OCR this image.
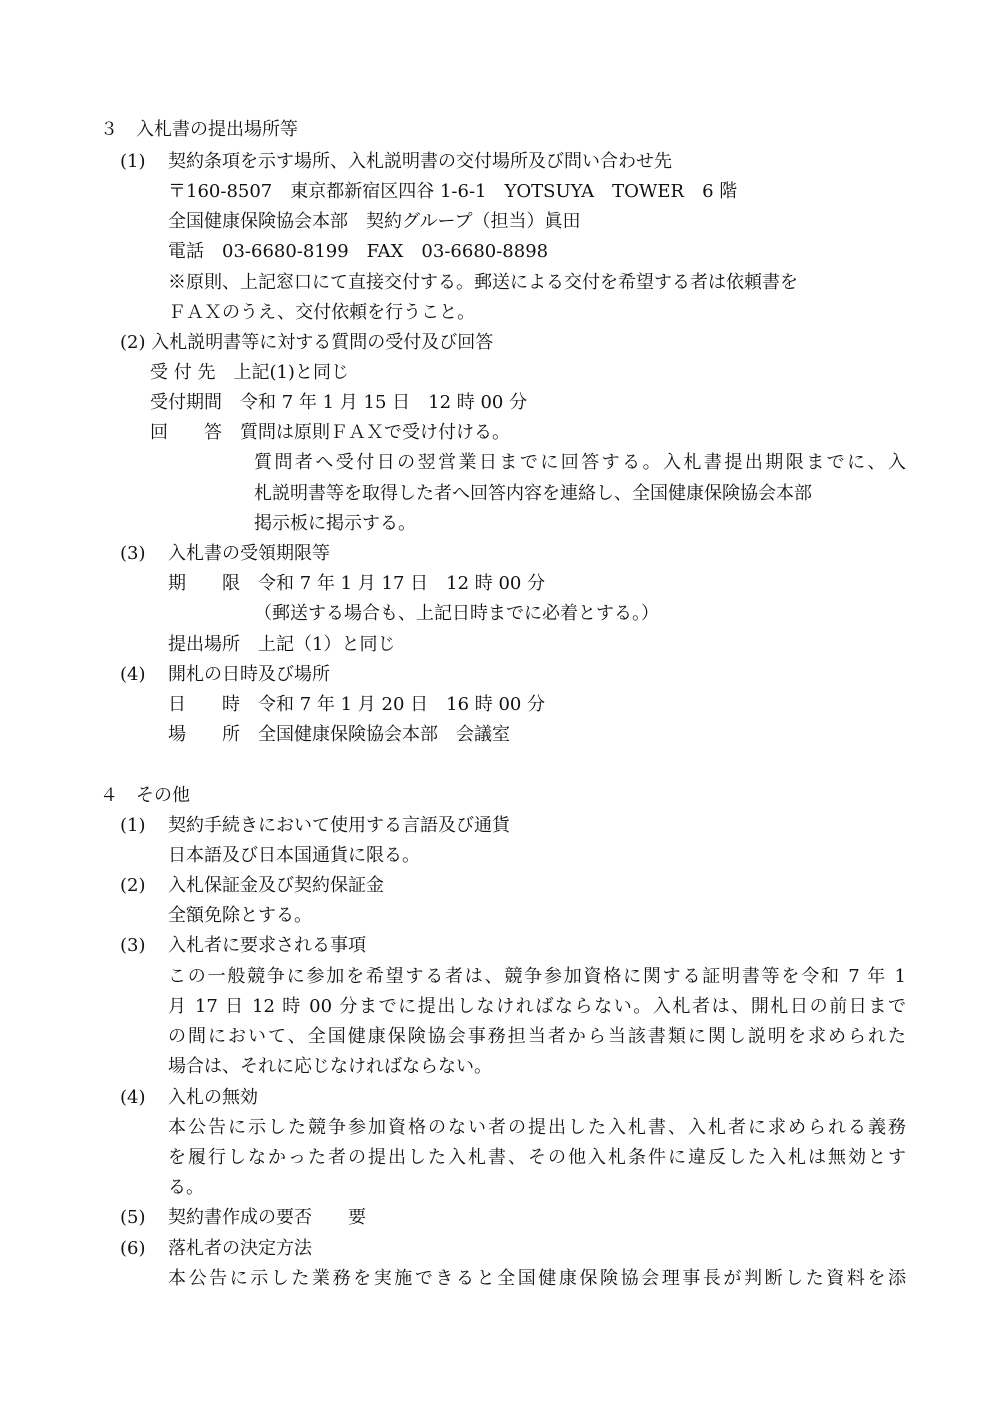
３　入札書の提出場所等
(1) 契約条項を示す場所、入札説明書の交付場所及び問い合わせ先
〒160-8507　東京都新宿区四谷 1-6-1　YOTSUYA　TOWER　6 階
全国健康保険協会本部　契約グループ（担当）眞田
電話　03-6680-8199　FAX　03-6680-8898
※原則、上記窓口にて直接交付する。郵送による交付を希望する者は依頼書を
ＦＡＸのうえ、交付依頼を行うこと。
(2) 入札説明書等に対する質問の受付及び回答
受 付 先　上記(1)と同じ
受付期間　令和 7 年 1 月 15 日　12 時 00 分
回　　答　質問は原則ＦＡＸで受け付ける。
質問者へ受付日の翌営業日までに回答する。入札書提出期限までに、入
札説明書等を取得した者へ回答内容を連絡し、全国健康保険協会本部
掲示板に掲示する。
(3) 入札書の受領期限等
期　　限　令和 7 年 1 月 17 日　12 時 00 分
（郵送する場合も、上記日時までに必着とする。）
提出場所　上記（1）と同じ
(4) 開札の日時及び場所
日　　時　令和 7 年 1 月 20 日　16 時 00 分
場　　所　全国健康保険協会本部　会議室
４　その他
(1) 契約手続きにおいて使用する言語及び通貨
日本語及び日本国通貨に限る。
(2) 入札保証金及び契約保証金
全額免除とする。
(3) 入札者に要求される事項
この一般競争に参加を希望する者は、競争参加資格に関する証明書等を令和 7 年 1
月 17 日 12 時 00 分までに提出しなければならない。入札者は、開札日の前日まで
の間において、全国健康保険協会事務担当者から当該書類に関し説明を求められた
場合は、それに応じなければならない。
(4) 入札の無効
本公告に示した競争参加資格のない者の提出した入札書、入札者に求められる義務
を履行しなかった者の提出した入札書、その他入札条件に違反した入札は無効とす
る。
(5) 契約書作成の要否　　要
(6) 落札者の決定方法
本公告に示した業務を実施できると全国健康保険協会理事長が判断した資料を添
